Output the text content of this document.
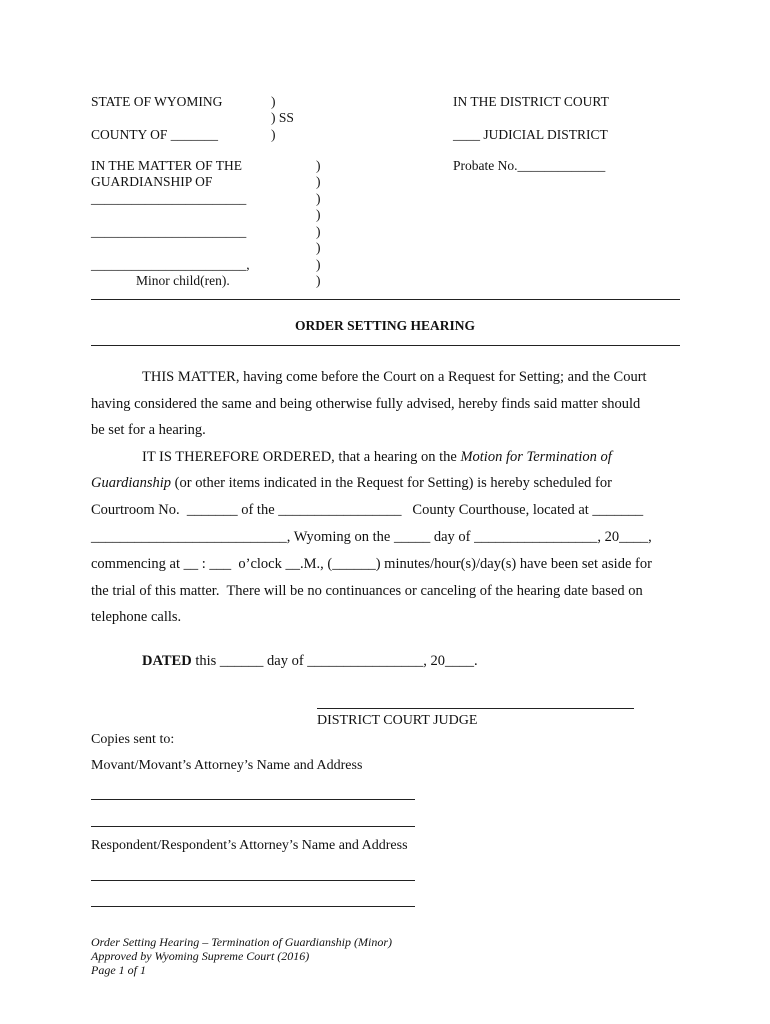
STATE OF WYOMING	)
) SS
COUNTY OF _______	)
IN THE DISTRICT COURT
____ JUDICIAL DISTRICT
Probate No._____________
IN THE MATTER OF THE
GUARDIANSHIP OF
_______________________
_______________________
_______________________,
Minor child(ren).
)
)
)
)
)
)
)
)
ORDER SETTING HEARING
THIS MATTER, having come before the Court on a Request for Setting; and the Court
having considered the same and being otherwise fully advised, hereby finds said matter should
be set for a hearing.
IT IS THEREFORE ORDERED, that a hearing on the Motion for Termination of
Guardianship (or other items indicated in the Request for Setting) is hereby scheduled for
Courtroom No.  _______ of the _________________   County Courthouse, located at _______
___________________________, Wyoming on the _____ day of _________________, 20____,
commencing at __ : ___  o’clock __.M., (______) minutes/hour(s)/day(s) have been set aside for
the trial of this matter.  There will be no continuances or canceling of the hearing date based on
telephone calls.
DATED this ______ day of ________________, 20____.
DISTRICT COURT JUDGE
Copies sent to:
Movant/Movant’s Attorney’s Name and Address
Respondent/Respondent’s Attorney’s Name and Address
Order Setting Hearing – Termination of Guardianship (Minor)
Approved by Wyoming Supreme Court (2016)
Page 1 of 1
